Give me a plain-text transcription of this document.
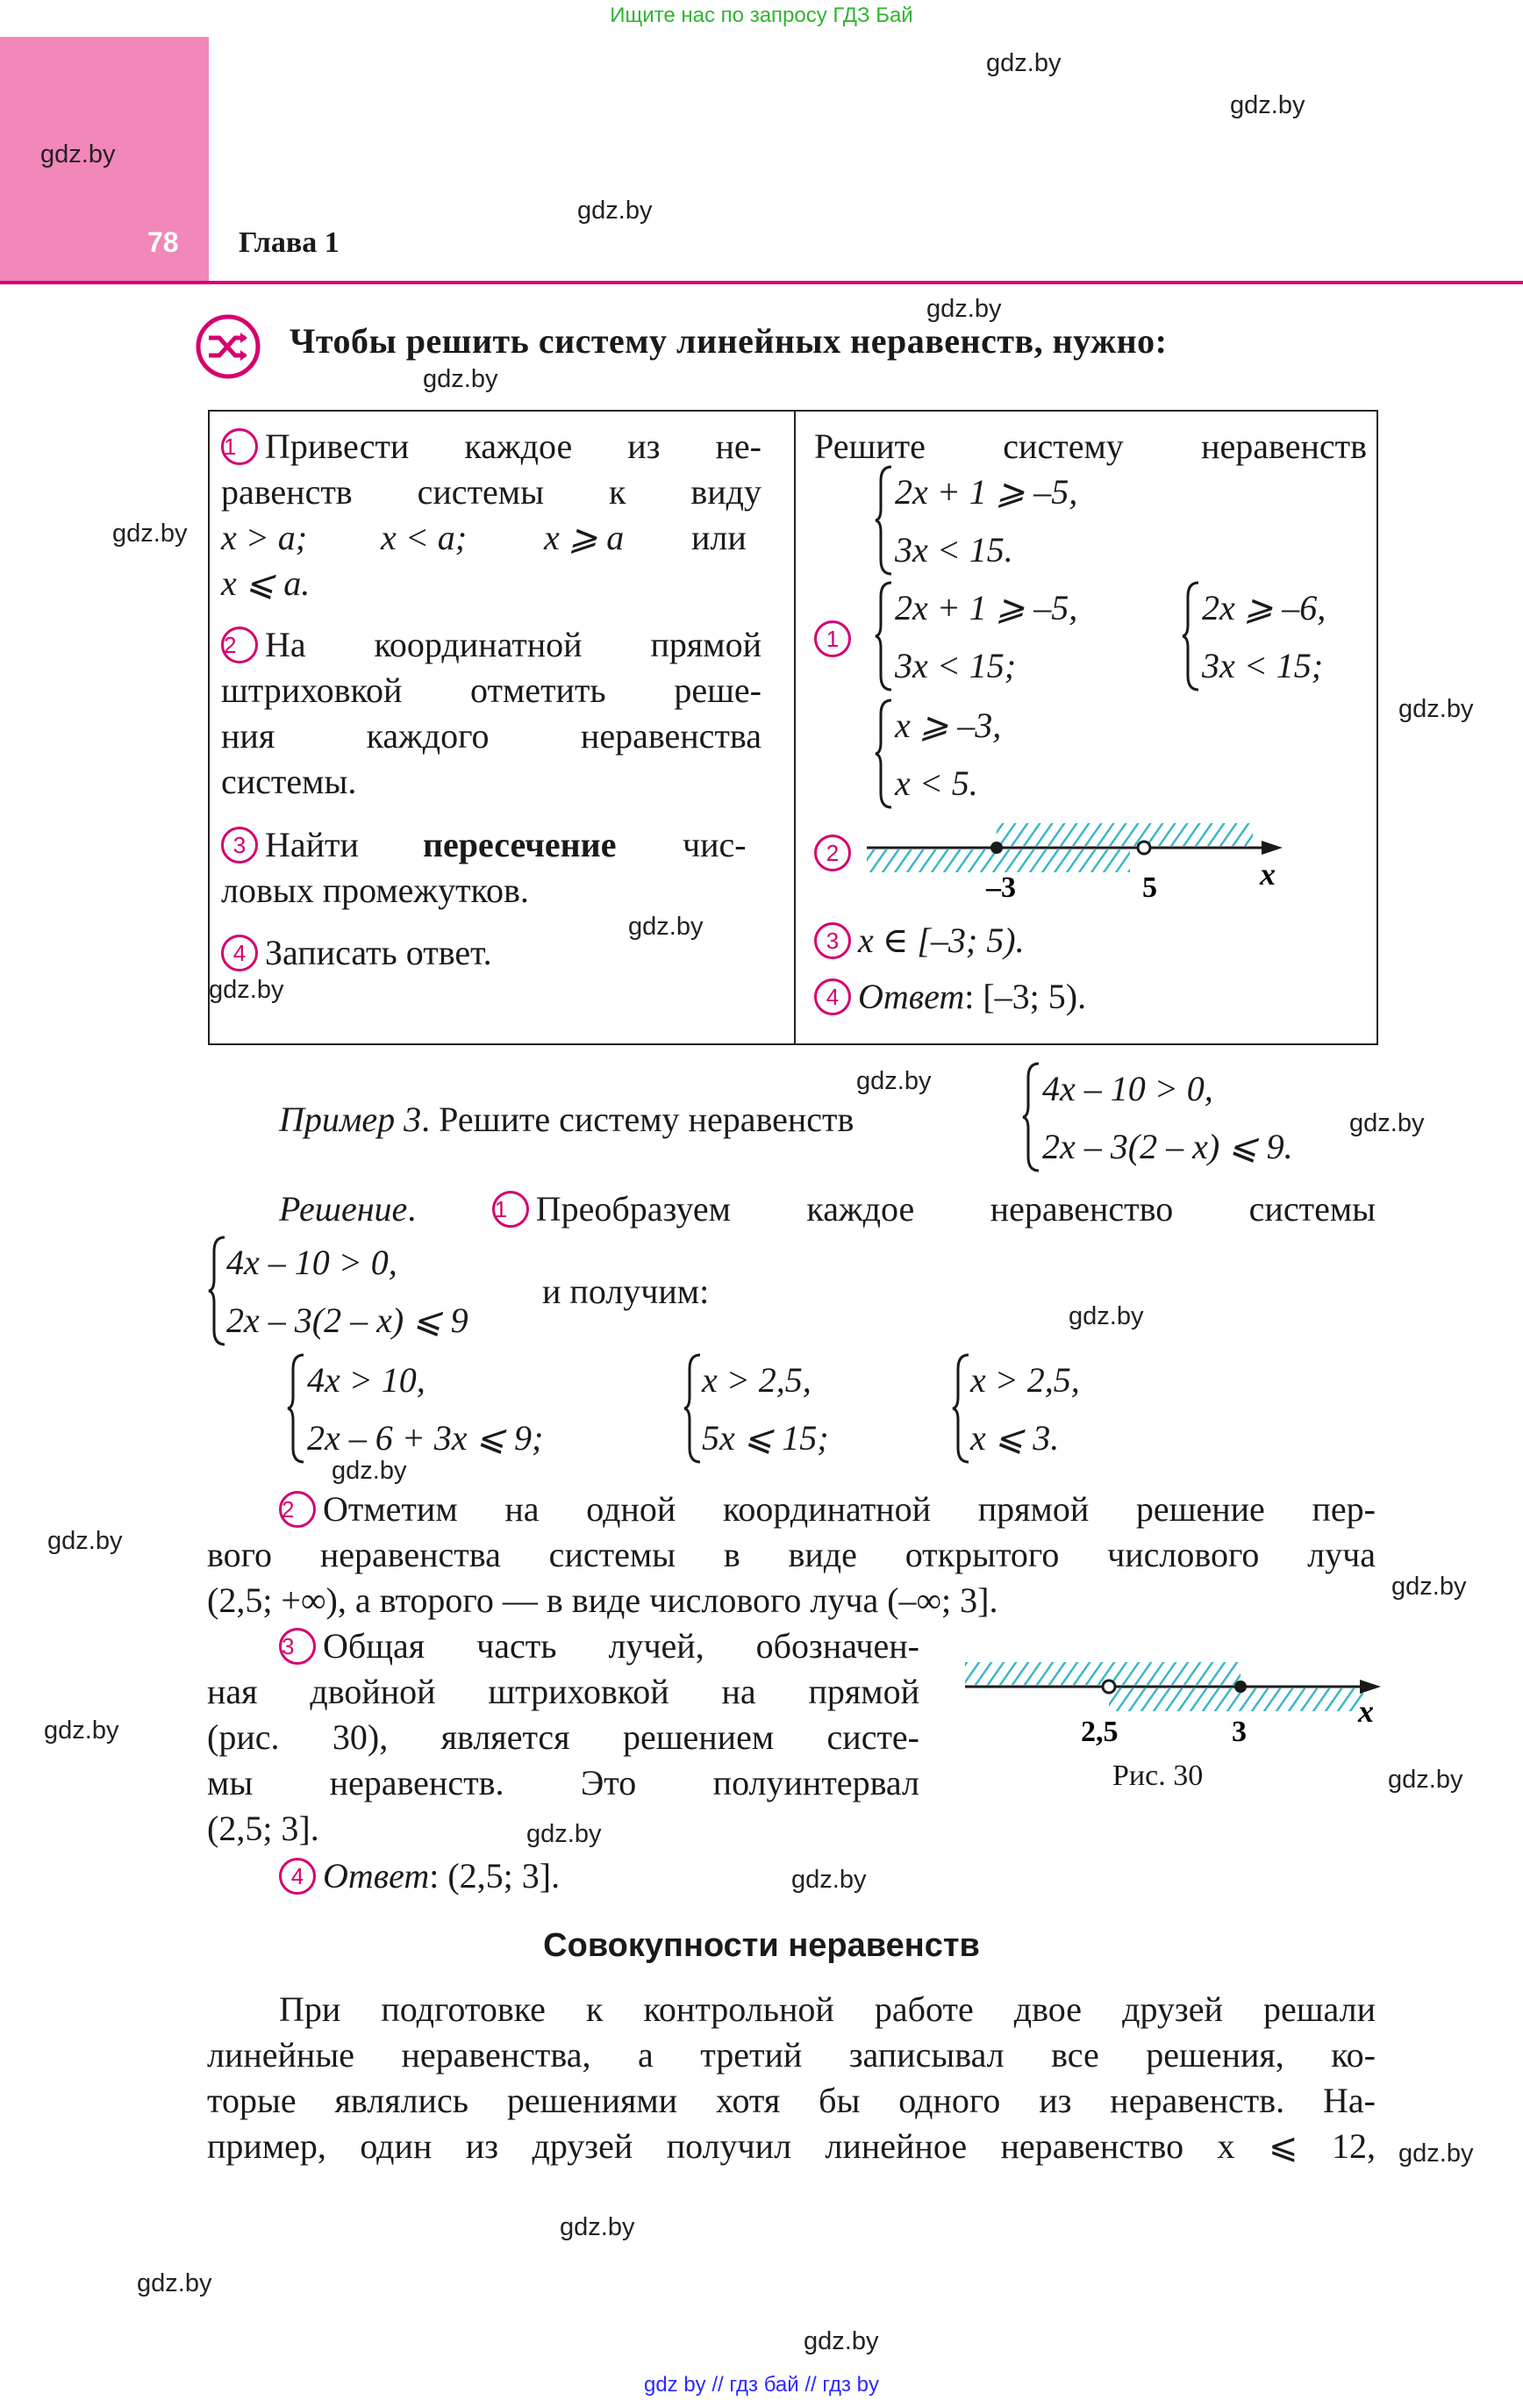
Ищите нас по запросу ГДЗ Бай
78 Глава 1
gdz.by
gdz.by
gdz.by
gdz.by
gdz.by
gdz.by
gdz.by
gdz.by
gdz.by
gdz.by
gdz.by
gdz.by
gdz.by
gdz.by
gdz.by
gdz.by
gdz.by
gdz.by
gdz.by
gdz.by
gdz.by
gdz.by
gdz.by
gdz.by
Чтобы решить систему линейных неравенств, нужно:
1 Привести каждое из не-
равенств системы к виду
x > a; x < a; x ⩾ a или
x ⩽ a.
2 На координатной прямой
штриховкой отметить реше-
ния каждого неравенства
системы.
3 Найти пересечение чис-
ловых промежутков.
4 Записать ответ.
Решите систему неравенств
2x + 1 ⩾ –5,
3x < 15.
1
2x + 1 ⩾ –5,
3x < 15;
2x ⩾ –6,
3x < 15;
x ⩾ –3,
x < 5.
2
–3	5	x
3 x ∈ [–3; 5).
4 Ответ: [–3; 5).
Пример 3. Решите систему неравенств
4x – 10 > 0,
2x – 3(2 – x) ⩽ 9.
Решение.	1 Преобразуем каждое неравенство системы
4x – 10 > 0,
2x – 3(2 – x) ⩽ 9
и получим:
4x > 10,
2x – 6 + 3x ⩽ 9;
x > 2,5,
5x ⩽ 15;
x > 2,5,
x ⩽ 3.
2 Отметим на одной координатной прямой решение пер-
вого неравенства системы в виде открытого числового луча
(2,5; +∞), а второго — в виде числового луча (–∞; 3].
3 Общая часть лучей, обозначен-
ная двойной штриховкой на прямой
(рис. 30), является решением систе-
мы неравенств. Это полуинтервал
(2,5; 3].
4 Ответ: (2,5; 3].
2,5	3
x
Рис. 30
Совокупности неравенств
При подготовке к контрольной работе двое друзей решали
линейные неравенства, а третий записывал все решения, ко-
торые являлись решениями хотя бы одного из неравенств. На-
пример, один из друзей получил линейное неравенство x ⩽ 12,
gdz by // гдз бай // гдз by
